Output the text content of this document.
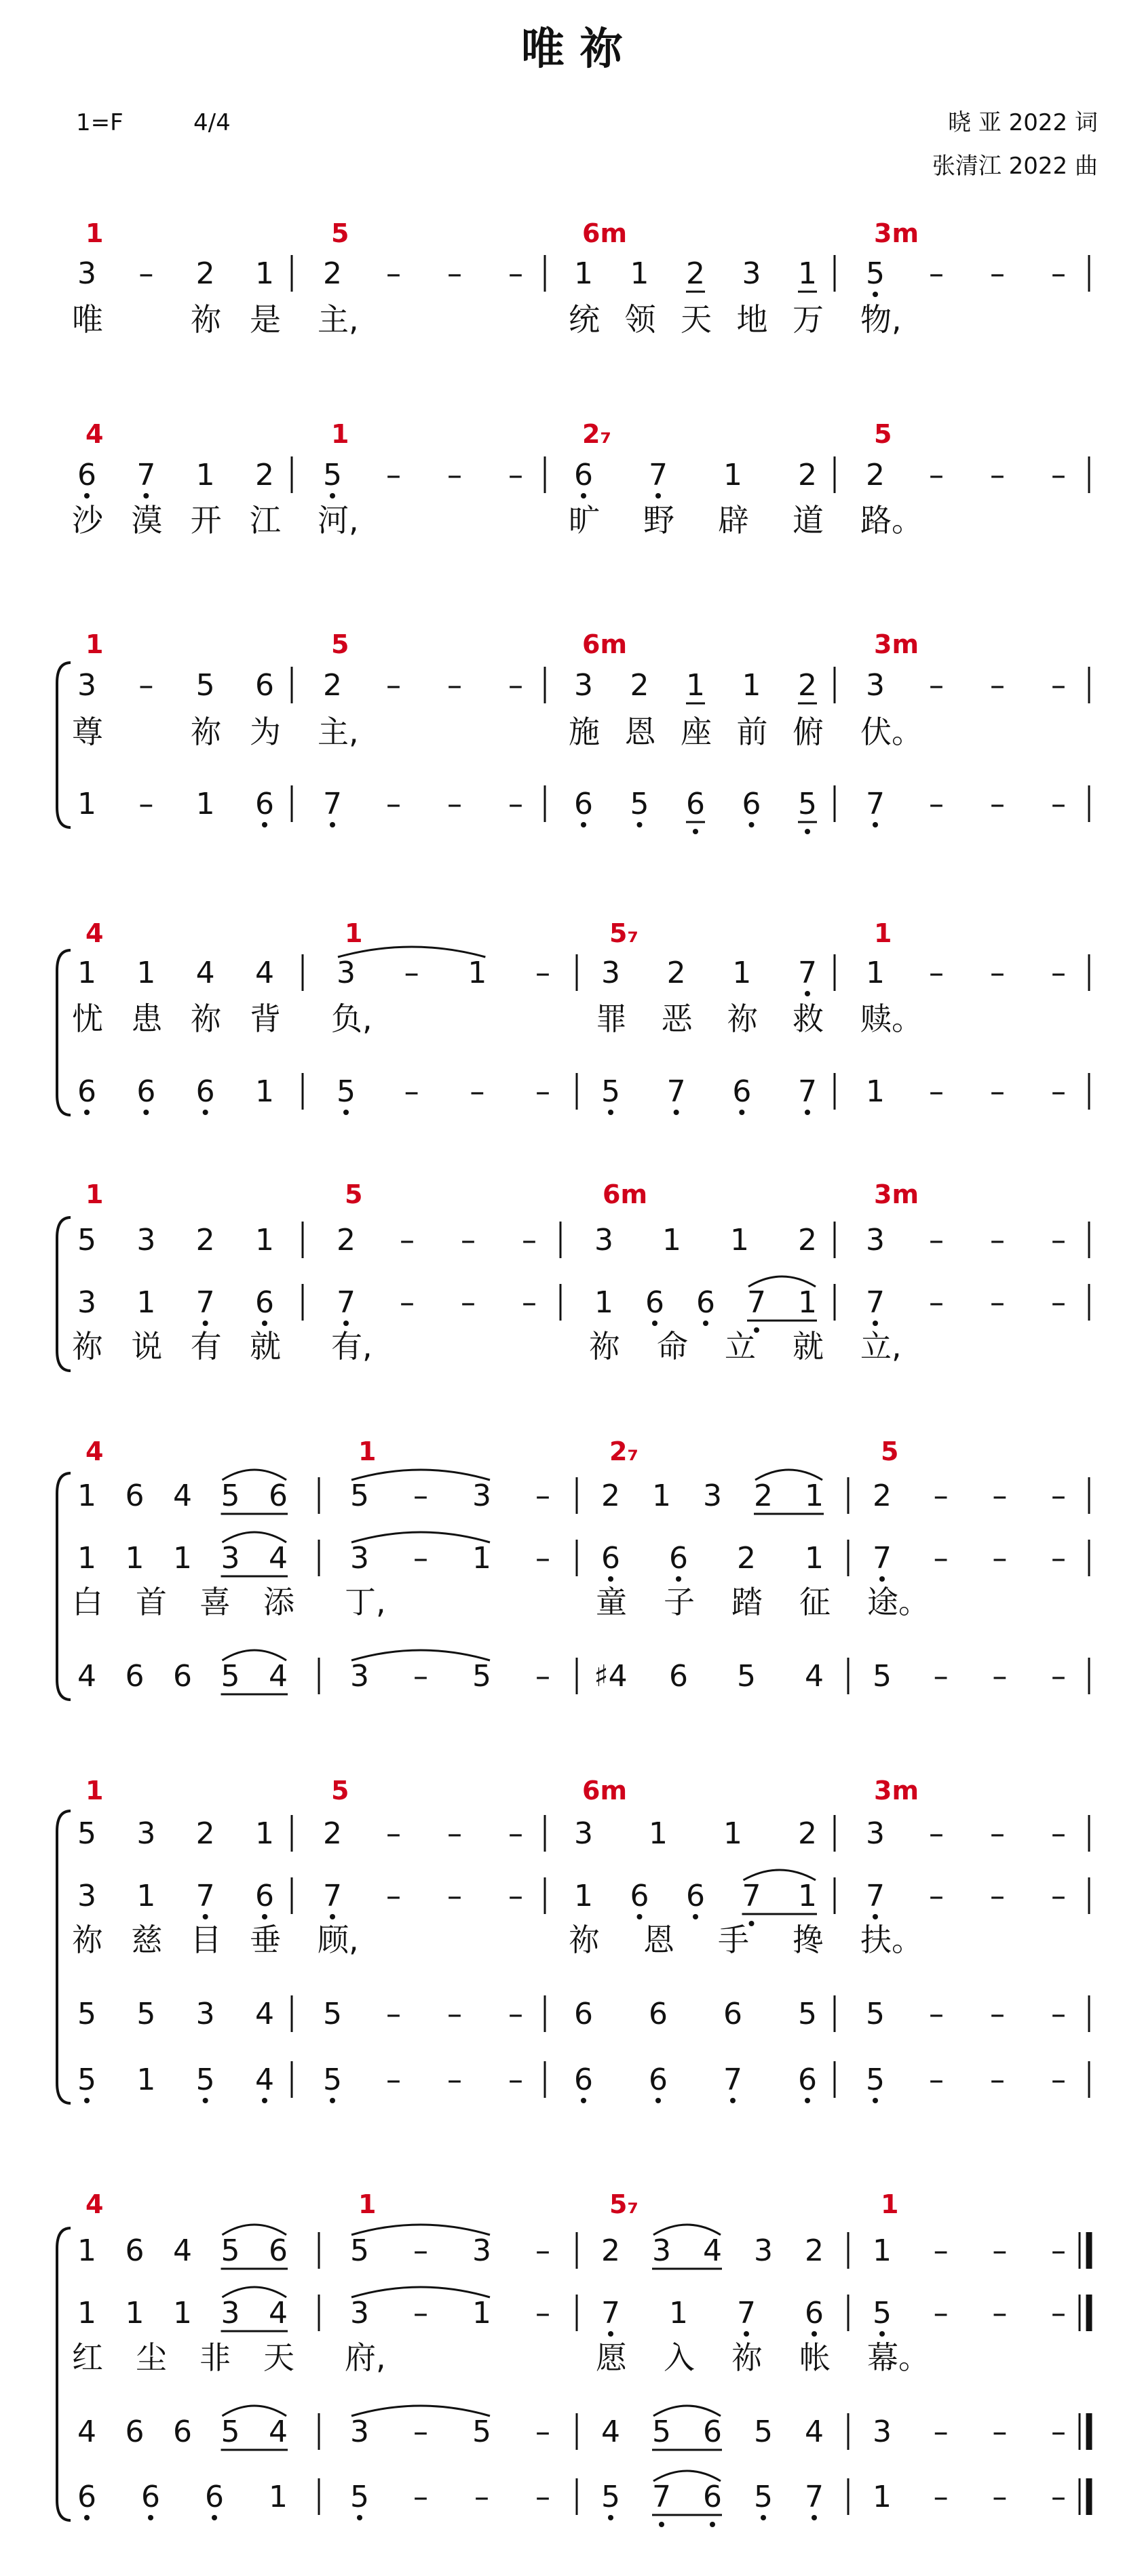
唯 祢
1=F	4/4	晓 亚 2022 词
张清江 2022 曲
1	5	6m	3m
3 – 2 1 2 – – – 1 1 2 3 1 5 – – –
唯	祢 是 主,	统 领 天 地 万 物,
4	1	2₇	5
6 7 1 2 5 – – – 6 7 1 2 2 – – –
沙 漠 开 江 河,	旷 野 辟 道 路。
1	5	6m	3m
3 – 5 6 2 – – – 3 2 1 1 2 3 – – –
尊	祢 为 主,	施 恩 座 前 俯 伏。
1 – 1 6 7 – – – 6 5 6 6 5 7 – – –
4	1	5₇	1
1 1 4 4 3 – 1 – 3 2 1 7 1 – – –
忧 患 祢 背 负,	罪 恶 祢 救 赎。
6 6 6 1 5 – – – 5 7 6 7 1 – – –
1	5	6m	3m
5 3 2 1 2 – – – 3 1 1 2 3 – – –
3 1 7 6 7 – – – 1 6 6 7 1 7 – – –
祢 说 有 就 有,	祢 命 立 就 立,
4	1	2₇	5
1 6 4 5 6 5 – 3 – 2 1 3 2 1 2 – – –
1 1 1 3 4 3 – 1 – 6 6 2 1 7 – – –
白 首 喜 添 丁,	童 子 踏 征 途。
4 6 6 5 4 3 – 5 – ♯4 6 5 4 5 – – –
1	5	6m	3m
5 3 2 1 2 – – – 3 1 1 2 3 – – –
3 1 7 6 7 – – – 1 6 6 7 1 7 – – –
祢 慈 目 垂 顾,	祢 恩 手 搀 扶。
5 5 3 4 5 – – – 6 6 6 5 5 – – –
5 1 5 4 5 – – – 6 6 7 6 5 – – –
4	1	5₇	1
1 6 4 5 6 5 – 3 – 2 3 4 3 2 1 – – –
1 1 1 3 4 3 – 1 – 7 1 7 6 5 – – –
红 尘 非 天 府,	愿 入 祢 帐 幕。
4 6 6 5 4 3 – 5 – 4 5 6 5 4 3 – – –
6 6 6 1 5 – – – 5 7 6 5 7 1 – – –
